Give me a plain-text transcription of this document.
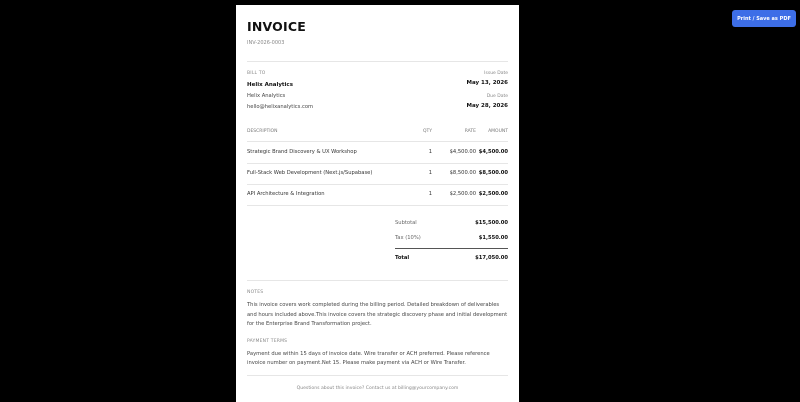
Print / Save as PDF
INVOICE
INV-2026-0003
BILL TO
Helix Analytics
Helix Analytics
hello@helixanalytics.com
Issue Date
May 13, 2026
Due Date
May 28, 2026
DESCRIPTION	QTY	RATE	AMOUNT
Strategic Brand Discovery & UX Workshop	1	$4,500.00 $4,500.00
Full-Stack Web Development (Next.js/Supabase)	1	$8,500.00 $8,500.00
API Architecture & Integration	1	$2,500.00 $2,500.00
Subtotal	$15,500.00
Tax (10%)	$1,550.00
Total	$17,050.00
NOTES
This invoice covers work completed during the billing period. Detailed breakdown of deliverables and hours included above.This invoice covers the strategic discovery phase and initial development for the Enterprise Brand Transformation project.
PAYMENT TERMS
Payment due within 15 days of invoice date. Wire transfer or ACH preferred. Please reference invoice number on payment.Net 15. Please make payment via ACH or Wire Transfer.
Questions about this invoice? Contact us at billing@yourcompany.com
